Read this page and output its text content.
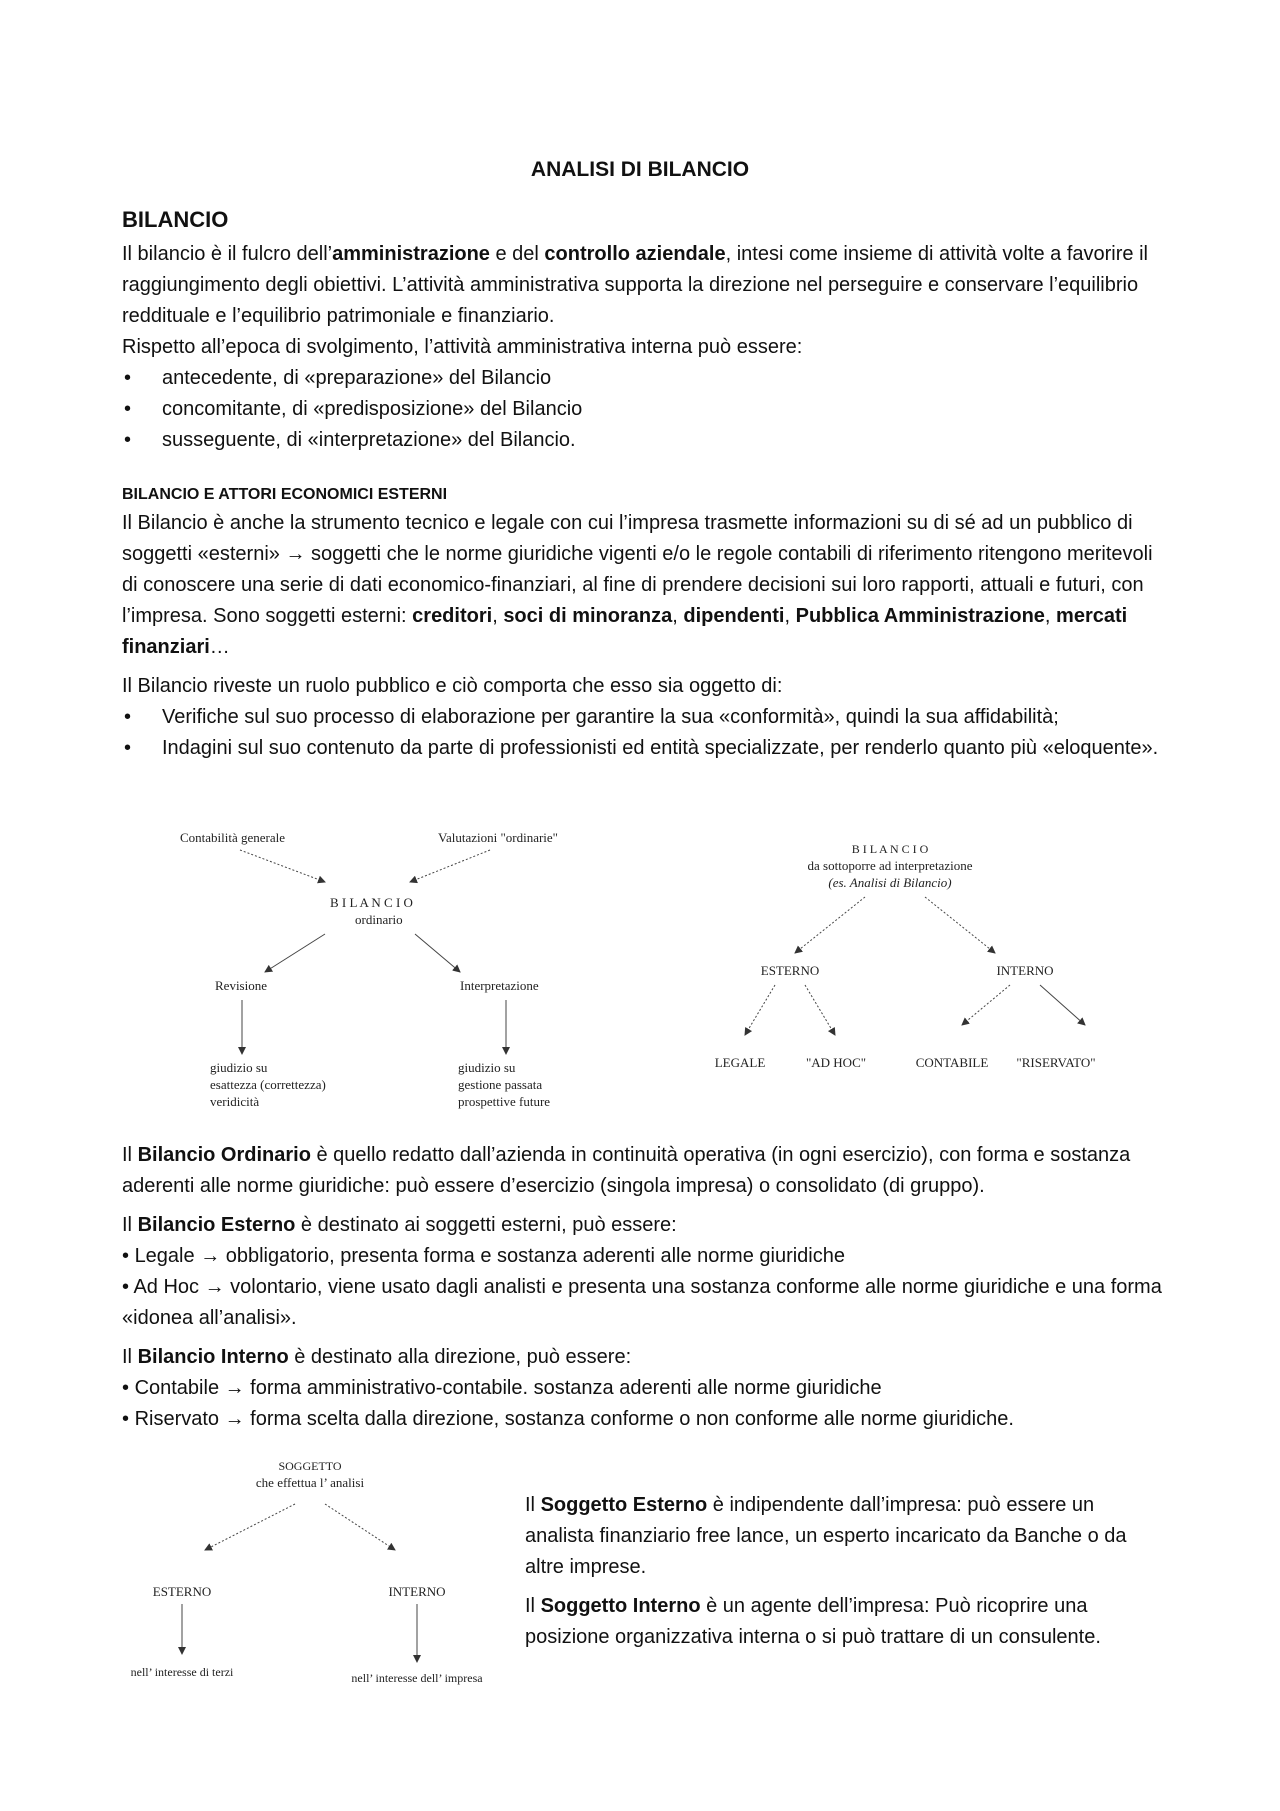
ANALISI DI BILANCIO
BILANCIO

Il bilancio è il fulcro dell’amministrazione e del controllo aziendale, intesi come insieme di attività volte a favorire il raggiungimento degli obiettivi. L’attività amministrativa supporta la direzione nel perseguire e conservare l’equilibrio reddituale e l’equilibrio patrimoniale e finanziario.

Rispetto all’epoca di svolgimento, l’attività amministrativa interna può essere:

• antecedente, di «preparazione» del Bilancio
• concomitante, di «predisposizione» del Bilancio
• susseguente, di «interpretazione» del Bilancio.
BILANCIO E ATTORI ECONOMICI ESTERNI

Il Bilancio è anche la strumento tecnico e legale con cui l’impresa trasmette informazioni su di sé ad un pubblico di soggetti «esterni» → soggetti che le norme giuridiche vigenti e/o le regole contabili di riferimento ritengono meritevoli di conoscere una serie di dati economico-finanziari, al fine di prendere decisioni sui loro rapporti, attuali e futuri, con l’impresa. Sono soggetti esterni: creditori, soci di minoranza, dipendenti, Pubblica Amministrazione, mercati finanziari…

Il Bilancio riveste un ruolo pubblico e ciò comporta che esso sia oggetto di:

• Verifiche sul suo processo di elaborazione per garantire la sua «conformità», quindi la sua affidabilità;
• Indagini sul suo contenuto da parte di professionisti ed entità specializzate, per renderlo quanto più «eloquente».
Contabilità generale	Valutazioni "ordinarie"
B I L A N C I O
ordinario
Revisione	Interpretazione
giudizio su
esattezza (correttezza)
veridicità
giudizio su
gestione passata
prospettive future
B I L A N C I O
da sottoporre ad interpretazione
(es. Analisi di Bilancio)
ESTERNO	INTERNO
LEGALE	"AD HOC"	CONTABILE "RISERVATO"

Il Bilancio Ordinario è quello redatto dall’azienda in continuità operativa (in ogni esercizio), con forma e sostanza aderenti alle norme giuridiche: può essere d’esercizio (singola impresa) o consolidato (di gruppo).

Il Bilancio Esterno è destinato ai soggetti esterni, può essere:

• Legale → obbligatorio, presenta forma e sostanza aderenti alle norme giuridiche

• Ad Hoc → volontario, viene usato dagli analisti e presenta una sostanza conforme alle norme giuridiche e una forma «idonea all’analisi».

Il Bilancio Interno è destinato alla direzione, può essere:

• Contabile → forma amministrativo-contabile. sostanza aderenti alle norme giuridiche

• Riservato → forma scelta dalla direzione, sostanza conforme o non conforme alle norme giuridiche.

SOGGETTO
che effettua l’ analisi
ESTERNO	INTERNO
nell’ interesse di terzi	nell’ interesse dell’ impresa

Il Soggetto Esterno è indipendente dall’impresa: può essere un analista finanziario free lance, un esperto incaricato da Banche o da altre imprese.

Il Soggetto Interno è un agente dell’impresa: Può ricoprire una posizione organizzativa interna o si può trattare di un consulente.
